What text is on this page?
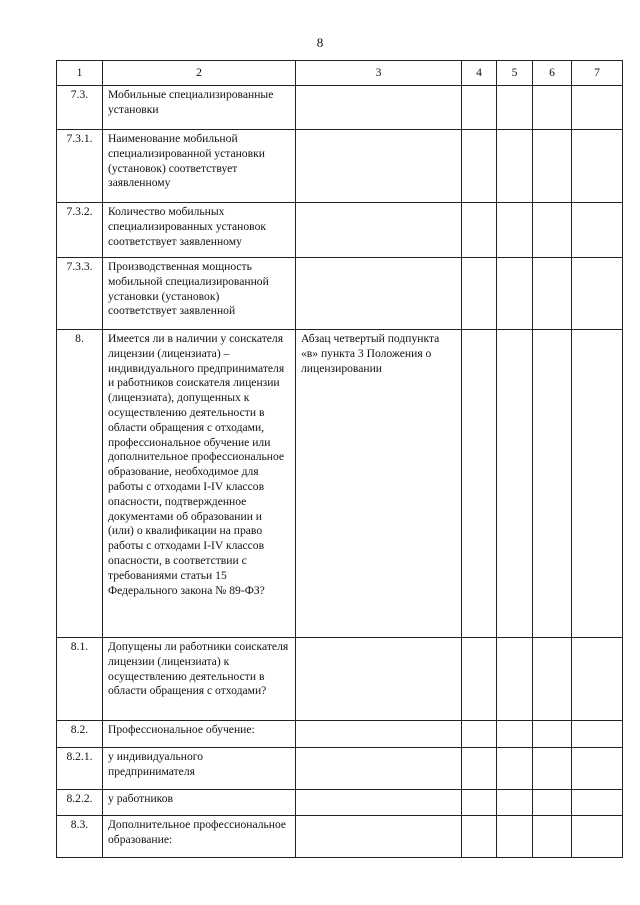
8
1	2	3	4	5	6	7
7.3.	Мобильные специализированные установки					
7.3.1.	Наименование мобильной специализированной установки (установок) соответствует заявленному					
7.3.2.	Количество мобильных специализированных установок соответствует заявленному					
7.3.3.	Производственная мощность мобильной специализированной установки (установок) соответствует заявленной					
8.	Имеется ли в наличии у соискателя лицензии (лицензиата) – индивидуального предпринимателя и работников соискателя лицензии (лицензиата), допущенных к осуществлению деятельности в области обращения с отходами, профессиональное обучение или дополнительное профессиональное образование, необходимое для работы с отходами I-IV классов опасности, подтвержденное документами об образовании и (или) о квалификации на право работы с отходами I-IV классов опасности, в соответствии с требованиями статьи 15 Федерального закона № 89-ФЗ?	Абзац четвертый подпункта «в» пункта 3 Положения о лицензировании				
8.1.	Допущены ли работники соискателя лицензии (лицензиата) к осуществлению деятельности в области обращения с отходами?					
8.2.	Профессиональное обучение:					
8.2.1.	у индивидуального предпринимателя					
8.2.2.	у работников					
8.3.	Дополнительное профессиональное образование:					
